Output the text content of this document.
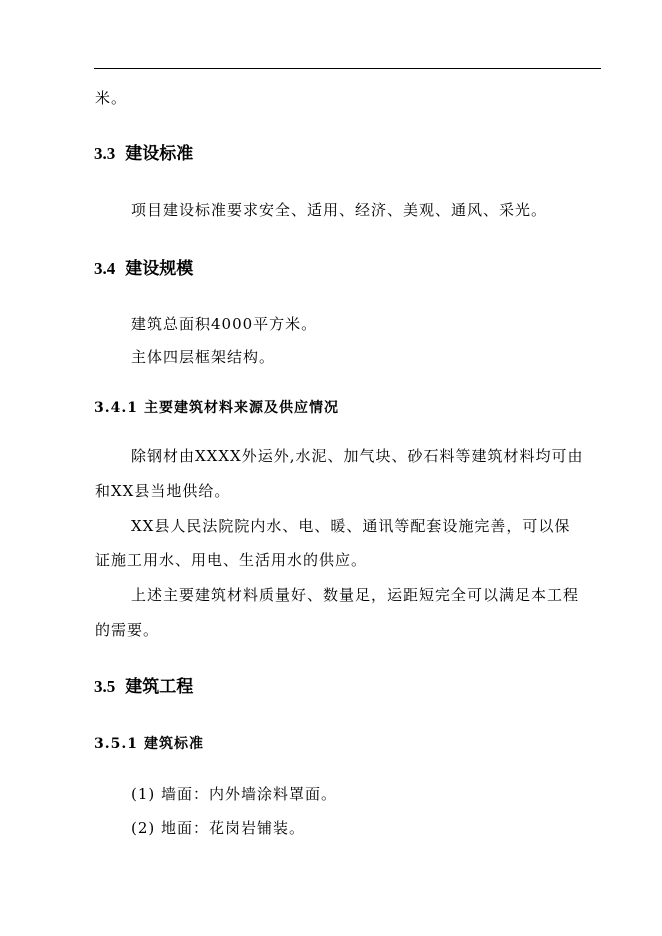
米。
3.3 建设标准
项目建设标准要求安全、适用、经济、美观、通风、采光。
3.4 建设规模
建筑总面积4000平方米。
主体四层框架结构。
3.4.1 主要建筑材料来源及供应情况
除钢材由XXXX外运外,水泥、加气块、砂石料等建筑材料均可由
和XX县当地供给。
XX县人民法院院内水、电、暖、通讯等配套设施完善，可以保
证施工用水、用电、生活用水的供应。
上述主要建筑材料质量好、数量足，运距短完全可以满足本工程
的需要。
3.5 建筑工程
3.5.1 建筑标准
(1) 墙面：内外墙涂料罩面。
(2) 地面：花岗岩铺装。
